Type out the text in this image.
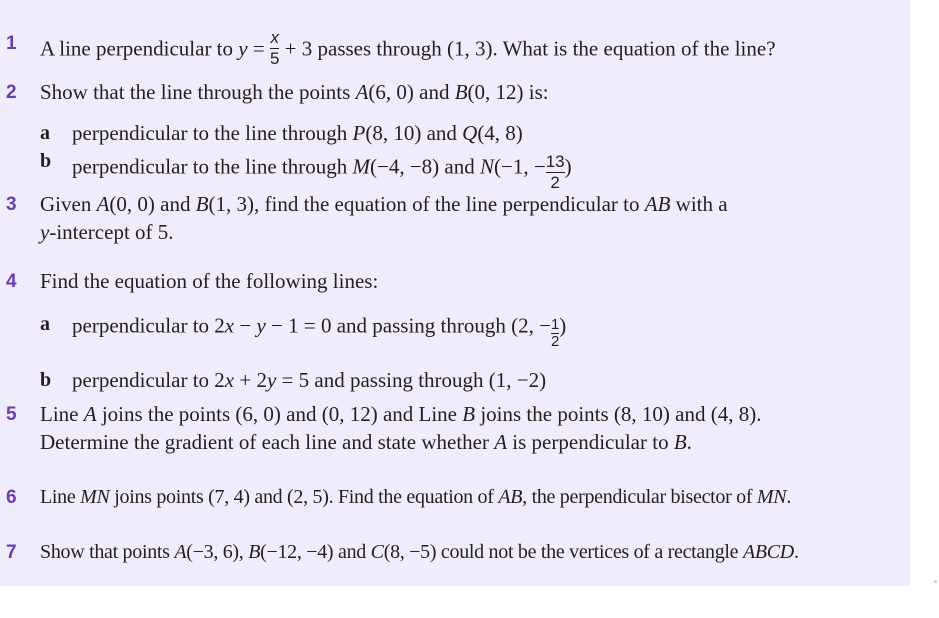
1 A line perpendicular to $y = \frac{x}{5} + 3$ passes through (1, 3). What is the equation of the line?
2 Show that the line through the points A(6, 0) and B(0, 12) is:
a perpendicular to the line through P(8, 10) and Q(4, 8)
b perpendicular to the line through M(−4, −8) and N(−1, − $\frac{13}{2}$ )
3 Given A(0, 0) and B(1, 3), find the equation of the line perpendicular to AB with a
y-intercept of 5.
4 Find the equation of the following lines:
a perpendicular to 2x − y − 1 = 0 and passing through (2, − $\frac{1}{2}$ )
b perpendicular to 2x + 2y = 5 and passing through (1, −2)
5 Line A joins the points (6, 0) and (0, 12) and Line B joins the points (8, 10) and (4, 8).
Determine the gradient of each line and state whether A is perpendicular to B.
6 Line MN joins points (7, 4) and (2, 5). Find the equation of AB, the perpendicular bisector of MN.
7 Show that points A(−3, 6), B(−12, −4) and C(8, −5) could not be the vertices of a rectangle ABCD.
